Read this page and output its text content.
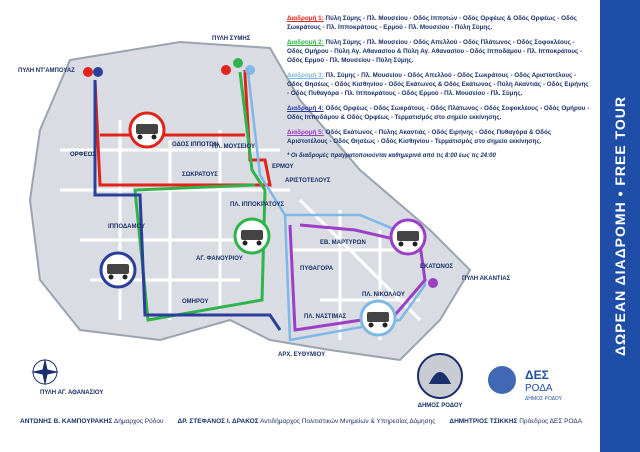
ΠΥΛΗ ΝΤ'ΑΜΠΟΥΑΖ
ΠΥΛΗ ΣΥΜΗΣ
ΟΔΟΣ ΙΠΠΟΤΩΝ
ΠΛ. ΜΟΥΣΕΙΟΥ
ΟΡΦΕΩΣ
ΣΩΚΡΑΤΟΥΣ
ΕΡΜΟΥ
ΑΡΙΣΤΟΤΕΛΟΥΣ
ΠΛ. ΙΠΠΟΚΡΑΤΟΥΣ
ΙΠΠΟΔΑΜΟΥ
ΑΓ. ΦΑΝΟΥΡΙΟΥ
ΕΒ. ΜΑΡΤΥΡΩΝ
ΕΚΑΤΩΝΟΣ
ΠΥΘΑΓΟΡΑ
ΠΥΛΗ ΑΚΑΝΤΙΑΣ
ΟΜΗΡΟΥ
ΠΛ. ΝΙΚΟΛΑΟΥ
ΠΛ. ΝΑΣΤΙΜΑΣ
ΑΡΧ. ΕΥΘΥΜΙΟΥ
ΠΥΛΗ ΑΓ. ΑΘΑΝΑΣΙΟΥ
Διαδρομή 1: Πύλη Σύμης - Πλ. Μουσείου - Οδός Ιπποτών - Οδός Ορφέως & Οδός Ορφέως - Οδός Σωκράτους - Πλ. Ιπποκράτους - Ερμού - Πλ. Μουσείου - Πύλη Σύμης.
Διαδρομή 2: Πύλη Σύμης - Πλ. Μουσείου - Οδός Απελλού - Οδός Πλάτωνος - Οδός Σοφοκλέους - Οδός Ομήρου - Πύλη Αγ. Αθανασίου & Πύλη Αγ. Αθανασίου - Οδός Ιπποδάμου - Πλ. Ιπποκράτους - Οδός Ερμού - Πλ. Μουσείου - Πύλη Σύμης.
Διαδρομή 3: Πλ. Σύμης - Πλ. Μουσείου - Οδός Απελλού - Οδός Σωκράτους - Οδός Αριστοτέλους - Οδός Θησέως - Οδός Κισθηνίου - Οδός Εκάτωνος & Οδός Εκάτωνος - Πύλη Ακαντιάς - Οδός Ειρήνης - Οδός Πυθαγόρα - Πλ. Ιπποκράτους - Οδός Ερμού - Πλ. Μουσείου - Πλ. Σύμης.
Διαδρομή 4: Οδός Ορφέως - Οδός Σωκράτους - Οδός Πλάτωνος - Οδός Σοφοκλέους - Οδός Ομήρου - Οδός Ιπποδάμου & Οδός Ορφέως - Τερματισμός στο σημείο εκκίνησης.
Διαδρομή 5: Οδός Εκάτωνος - Πύλης Ακαντιάς - Οδός Ειρήνης - Οδός Πυθαγόρα & Οδός Αριστοτέλους - Οδός Θησέως - Οδός Κισθηνίου - Τερματισμός στο σημείο εκκίνησης.
* Οι διαδρομές πραγματοποιούνται καθημερινά από τις 8:00 έως τις 24:00
ΔΗΜΟΣ ΡΟΔΟΥ
ΔΕΣ
ΡΟΔΑ
ΔΗΜΟΣ ΡΟΔΟΥ
ΑΝΤΩΝΗΣ Β. ΚΑΜΠΟΥΡΑΚΗΣ Δήμαρχος Ρόδου ΔΡ. ΣΤΕΦΑΝΟΣ Ι. ΔΡΑΚΟΣ Αντιδήμαρχος Πολιτιστικών Μνημείων & Υπηρεσίας Δόμησης ΔΗΜΗΤΡΙΟΣ ΤΣΙΚΚΗΣ Πρόεδρος ΔΕΣ ΡΟΔΑ
ΔΩΡΕΑΝ ΔΙΑΔΡΟΜΗ • FREE TOUR
